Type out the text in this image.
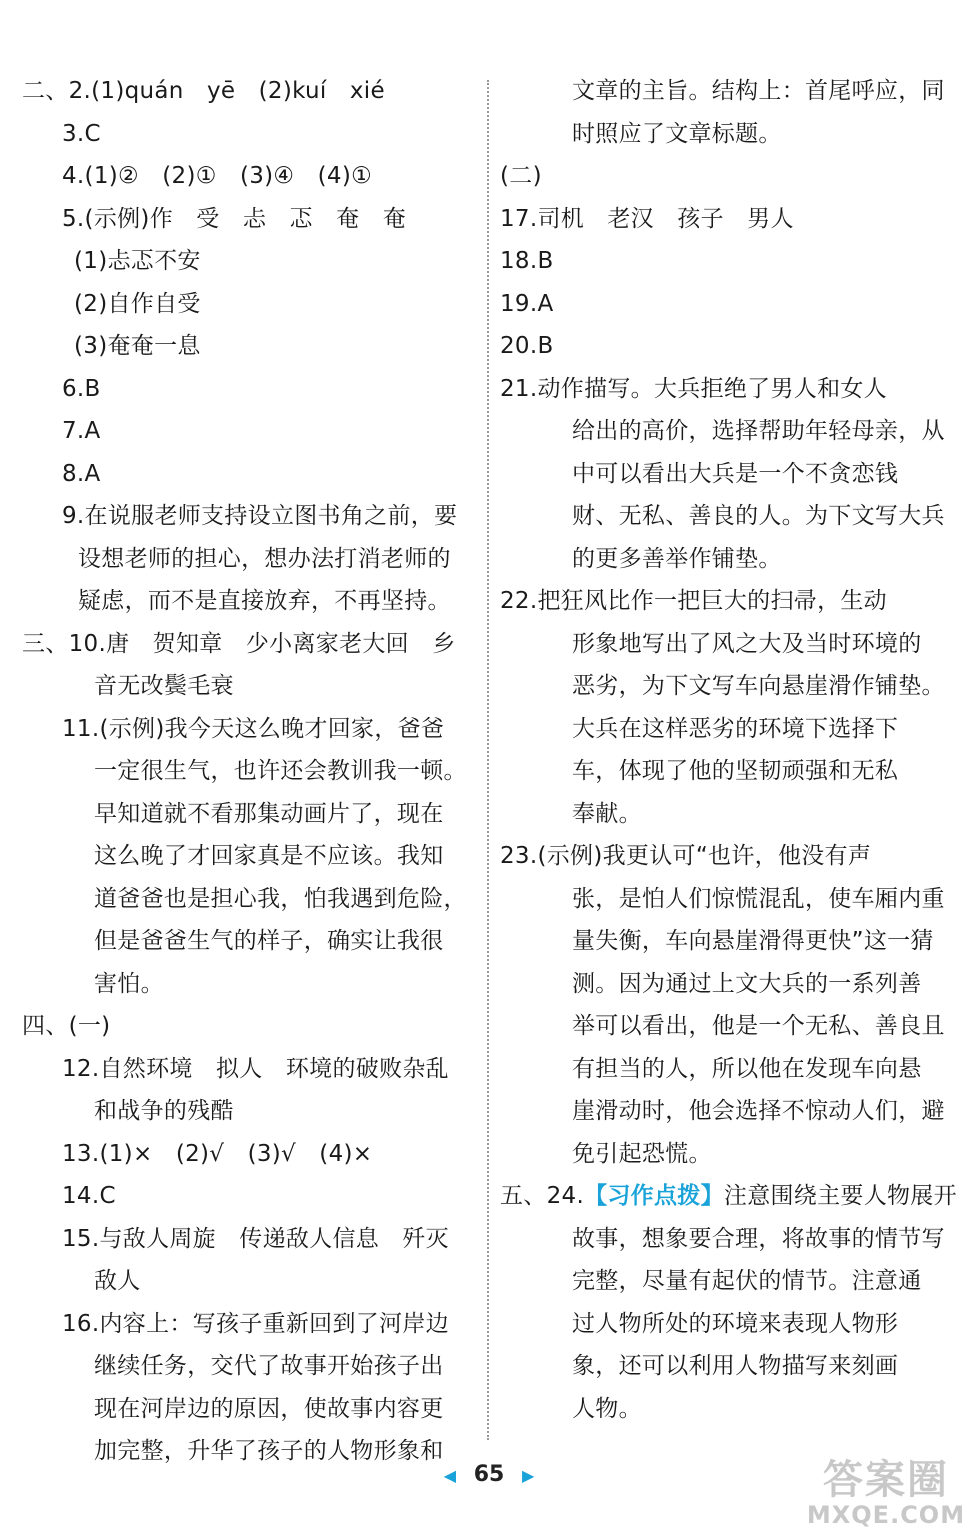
二、2.(1)quán　yē　(2)kuí　xié
3.C
4.(1)②　(2)①　(3)④　(4)①
5.(示例)作　受　忐　忑　奄　奄
(1)忐忑不安
(2)自作自受
(3)奄奄一息
6.B
7.A
8.A
9.在说服老师支持设立图书角之前，要
设想老师的担心，想办法打消老师的
疑虑，而不是直接放弃，不再坚持。
三、10.唐　贺知章　少小离家老大回　乡
音无改鬓毛衰
11.(示例)我今天这么晚才回家，爸爸
一定很生气，也许还会教训我一顿。
早知道就不看那集动画片了，现在
这么晚了才回家真是不应该。我知
道爸爸也是担心我，怕我遇到危险，
但是爸爸生气的样子，确实让我很
害怕。
四、(一)
12.自然环境　拟人　环境的破败杂乱
和战争的残酷
13.(1)×　(2)√　(3)√　(4)×
14.C
15.与敌人周旋　传递敌人信息　歼灭
敌人
16.内容上：写孩子重新回到了河岸边
继续任务，交代了故事开始孩子出
现在河岸边的原因，使故事内容更
加完整，升华了孩子的人物形象和
文章的主旨。结构上：首尾呼应，同
时照应了文章标题。
(二)
17.司机　老汉　孩子　男人
18.B
19.A
20.B
21.动作描写。大兵拒绝了男人和女人
给出的高价，选择帮助年轻母亲，从
中可以看出大兵是一个不贪恋钱
财、无私、善良的人。为下文写大兵
的更多善举作铺垫。
22.把狂风比作一把巨大的扫帚，生动
形象地写出了风之大及当时环境的
恶劣，为下文写车向悬崖滑作铺垫。
大兵在这样恶劣的环境下选择下
车，体现了他的坚韧顽强和无私
奉献。
23.(示例)我更认可“也许，他没有声
张，是怕人们惊慌混乱，使车厢内重
量失衡，车向悬崖滑得更快”这一猜
测。因为通过上文大兵的一系列善
举可以看出，他是一个无私、善良且
有担当的人，所以他在发现车向悬
崖滑动时，他会选择不惊动人们，避
免引起恐慌。
五、24.【习作点拨】注意围绕主要人物展开
故事，想象要合理，将故事的情节写
完整，尽量有起伏的情节。注意通
过人物所处的环境来表现人物形
象，还可以利用人物描写来刻画
人物。
◀ 65 ▶	答案圈
MXQE.COM
